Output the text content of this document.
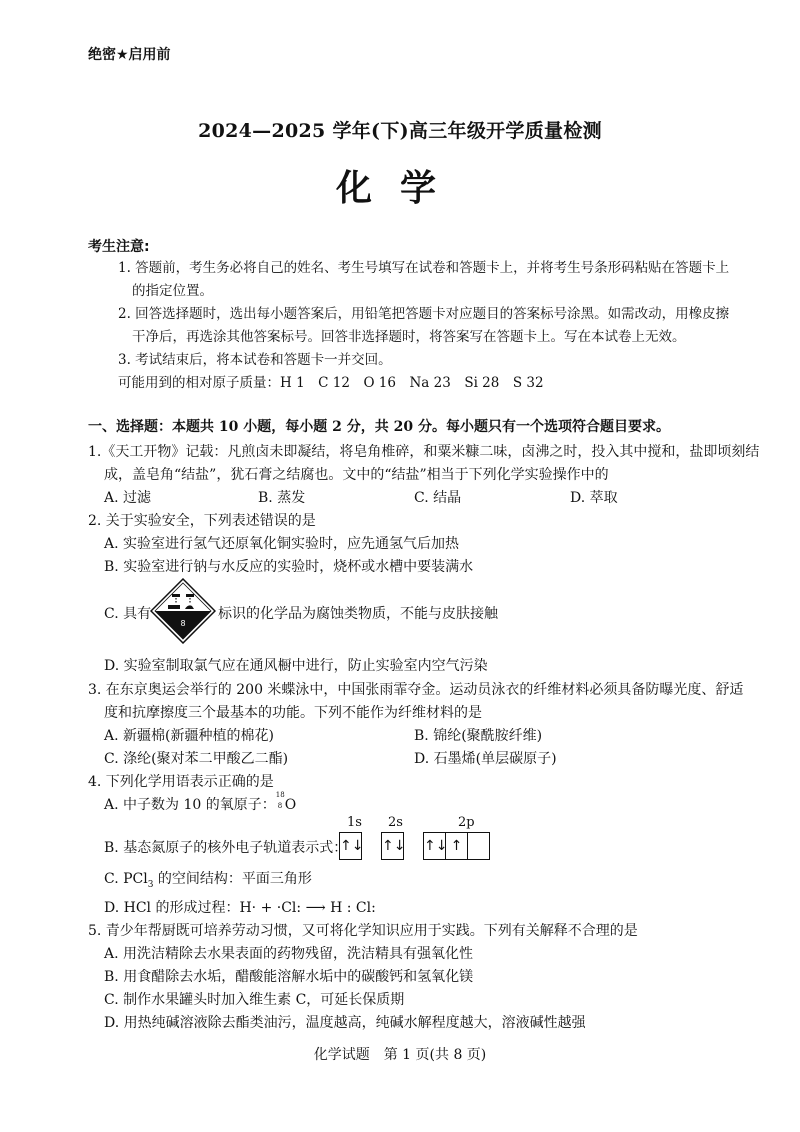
绝密★启用前
2024—2025 学年(下)高三年级开学质量检测
化学
考生注意:
1. 答题前，考生务必将自己的姓名、考生号填写在试卷和答题卡上，并将考生号条形码粘贴在答题卡上
的指定位置。
2. 回答选择题时，选出每小题答案后，用铅笔把答题卡对应题目的答案标号涂黑。如需改动，用橡皮擦
干净后，再选涂其他答案标号。回答非选择题时，将答案写在答题卡上。写在本试卷上无效。
3. 考试结束后，将本试卷和答题卡一并交回。
可能用到的相对原子质量：H 1　C 12　O 16　Na 23　Si 28　S 32
一、选择题：本题共 10 小题，每小题 2 分，共 20 分。每小题只有一个选项符合题目要求。
1.《天工开物》记载：凡煎卤未即凝结，将皂角椎碎，和粟米糠二味，卤沸之时，投入其中搅和，盐即顷刻结
成，盖皂角“结盐”，犹石膏之结腐也。文中的“结盐”相当于下列化学实验操作中的
A. 过滤	B. 蒸发	C. 结晶	D. 萃取
2. 关于实验安全，下列表述错误的是
A. 实验室进行氢气还原氧化铜实验时，应先通氢气后加热
B. 实验室进行钠与水反应的实验时，烧杯或水槽中要装满水
C. 具有
8
标识的化学品为腐蚀类物质，不能与皮肤接触
D. 实验室制取氯气应在通风橱中进行，防止实验室内空气污染
3. 在东京奥运会举行的 200 米蝶泳中，中国张雨霏夺金。运动员泳衣的纤维材料必须具备防曝光度、舒适
度和抗摩擦度三个最基本的功能。下列不能作为纤维材料的是
A. 新疆棉(新疆种植的棉花)	B. 锦纶(聚酰胺纤维)
C. 涤纶(聚对苯二甲酸乙二酯)	D. 石墨烯(单层碳原子)
4. 下列化学用语表示正确的是
A. 中子数为 10 的氧原子：
18
8 O
1s 2s	2p
B. 基态氮原子的核外电子轨道表示式：
↑↓ ↑↓ ↑↓ ↑
C. PCl$_3$ 的空间结构：平面三角形
D. HCl 的形成过程：H· + ·Cl: ⟶ H : Cl:
5. 青少年帮厨既可培养劳动习惯，又可将化学知识应用于实践。下列有关解释不合理的是
A. 用洗洁精除去水果表面的药物残留，洗洁精具有强氧化性
B. 用食醋除去水垢，醋酸能溶解水垢中的碳酸钙和氢氧化镁
C. 制作水果罐头时加入维生素 C，可延长保质期
D. 用热纯碱溶液除去酯类油污，温度越高，纯碱水解程度越大，溶液碱性越强
化学试题　第 1 页(共 8 页)
